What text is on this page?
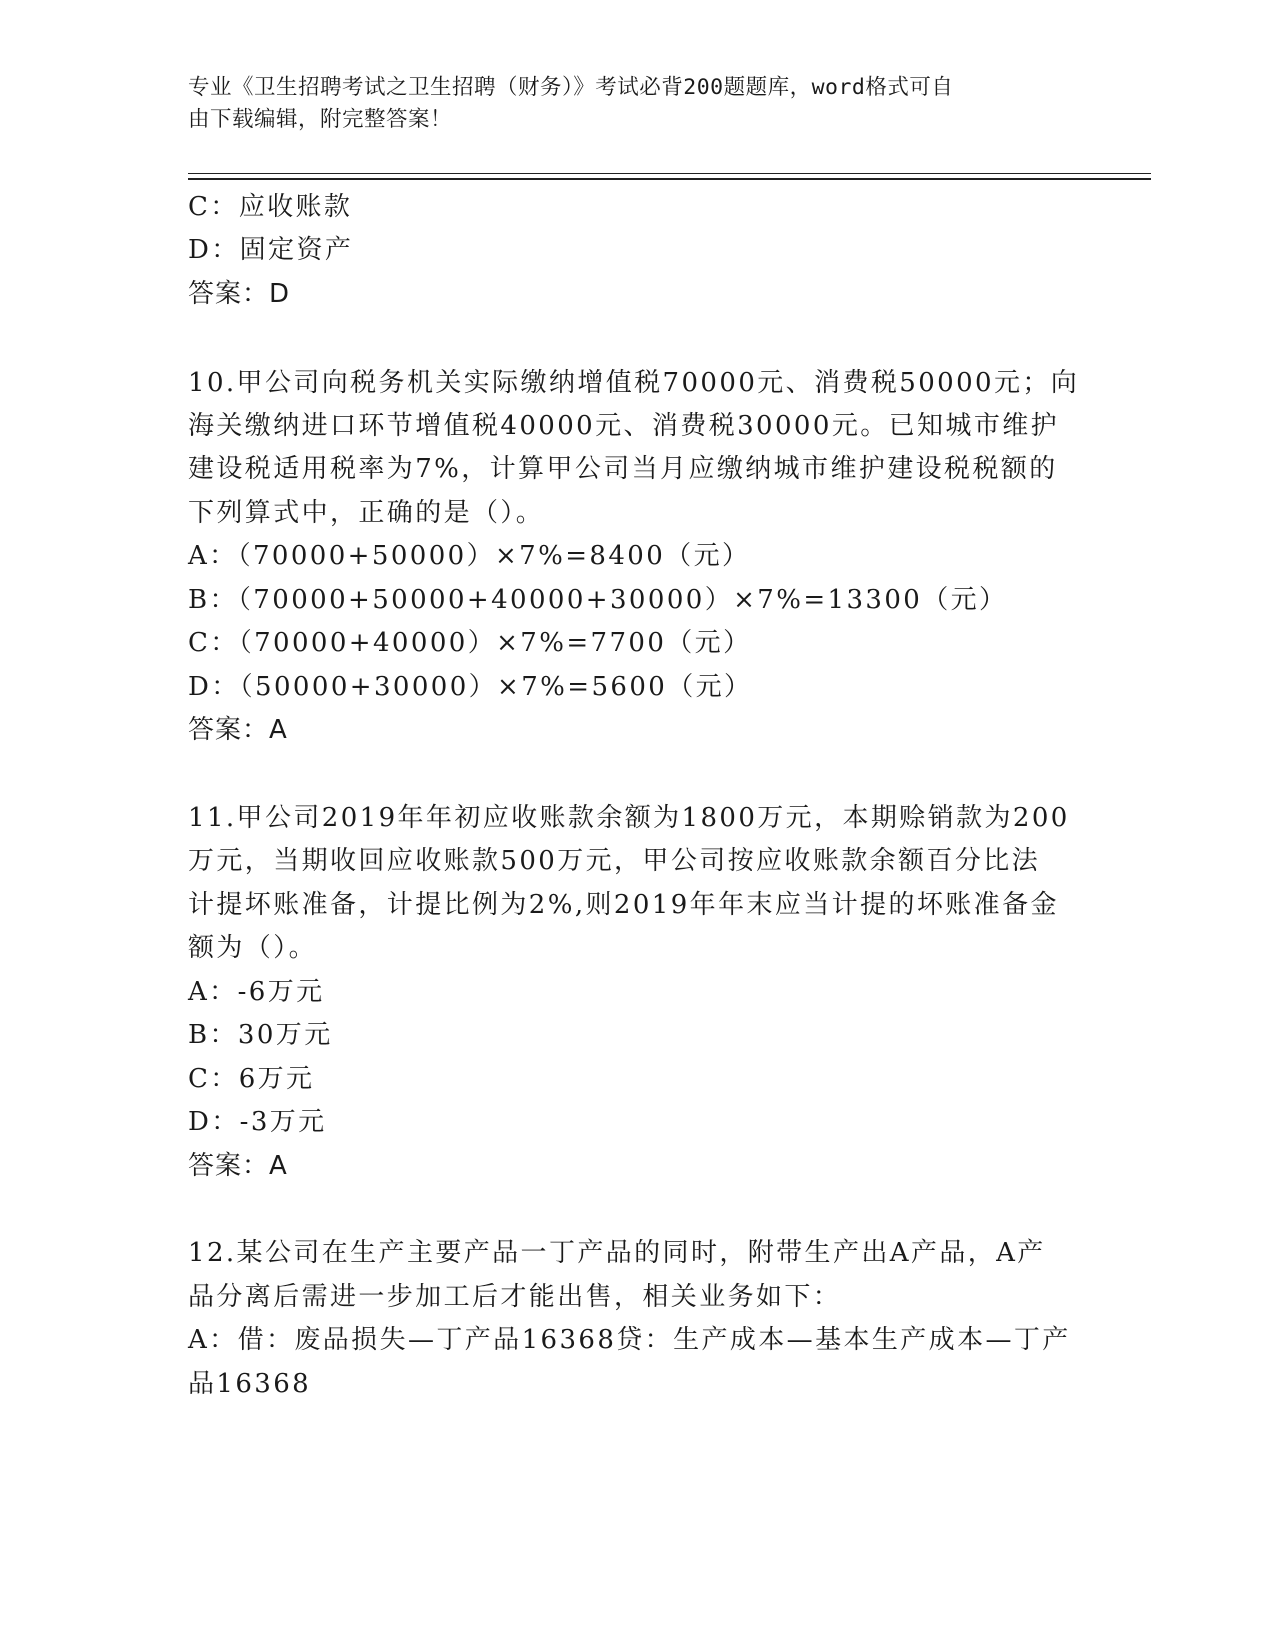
专业《卫生招聘考试之卫生招聘（财务）》考试必背200题题库，word格式可自
由下载编辑，附完整答案！
C：应收账款
D：固定资产
答案：D
10.甲公司向税务机关实际缴纳增值税70000元、消费税50000元；向
海关缴纳进口环节增值税40000元、消费税30000元。已知城市维护
建设税适用税率为7%，计算甲公司当月应缴纳城市维护建设税税额的
下列算式中，正确的是（）。
A：（70000+50000）×7%=8400（元）
B：（70000+50000+40000+30000）×7%=13300（元）
C：（70000+40000）×7%=7700（元）
D：（50000+30000）×7%=5600（元）
答案：A
11.甲公司2019年年初应收账款余额为1800万元，本期赊销款为200
万元，当期收回应收账款500万元，甲公司按应收账款余额百分比法
计提坏账准备，计提比例为2%,则2019年年末应当计提的坏账准备金
额为（）。
A：-6万元
B：30万元
C：6万元
D：-3万元
答案：A
12.某公司在生产主要产品一丁产品的同时，附带生产出A产品，A产
品分离后需进一步加工后才能出售，相关业务如下：
A：借：废品损失—丁产品16368贷：生产成本—基本生产成本—丁产
品16368
